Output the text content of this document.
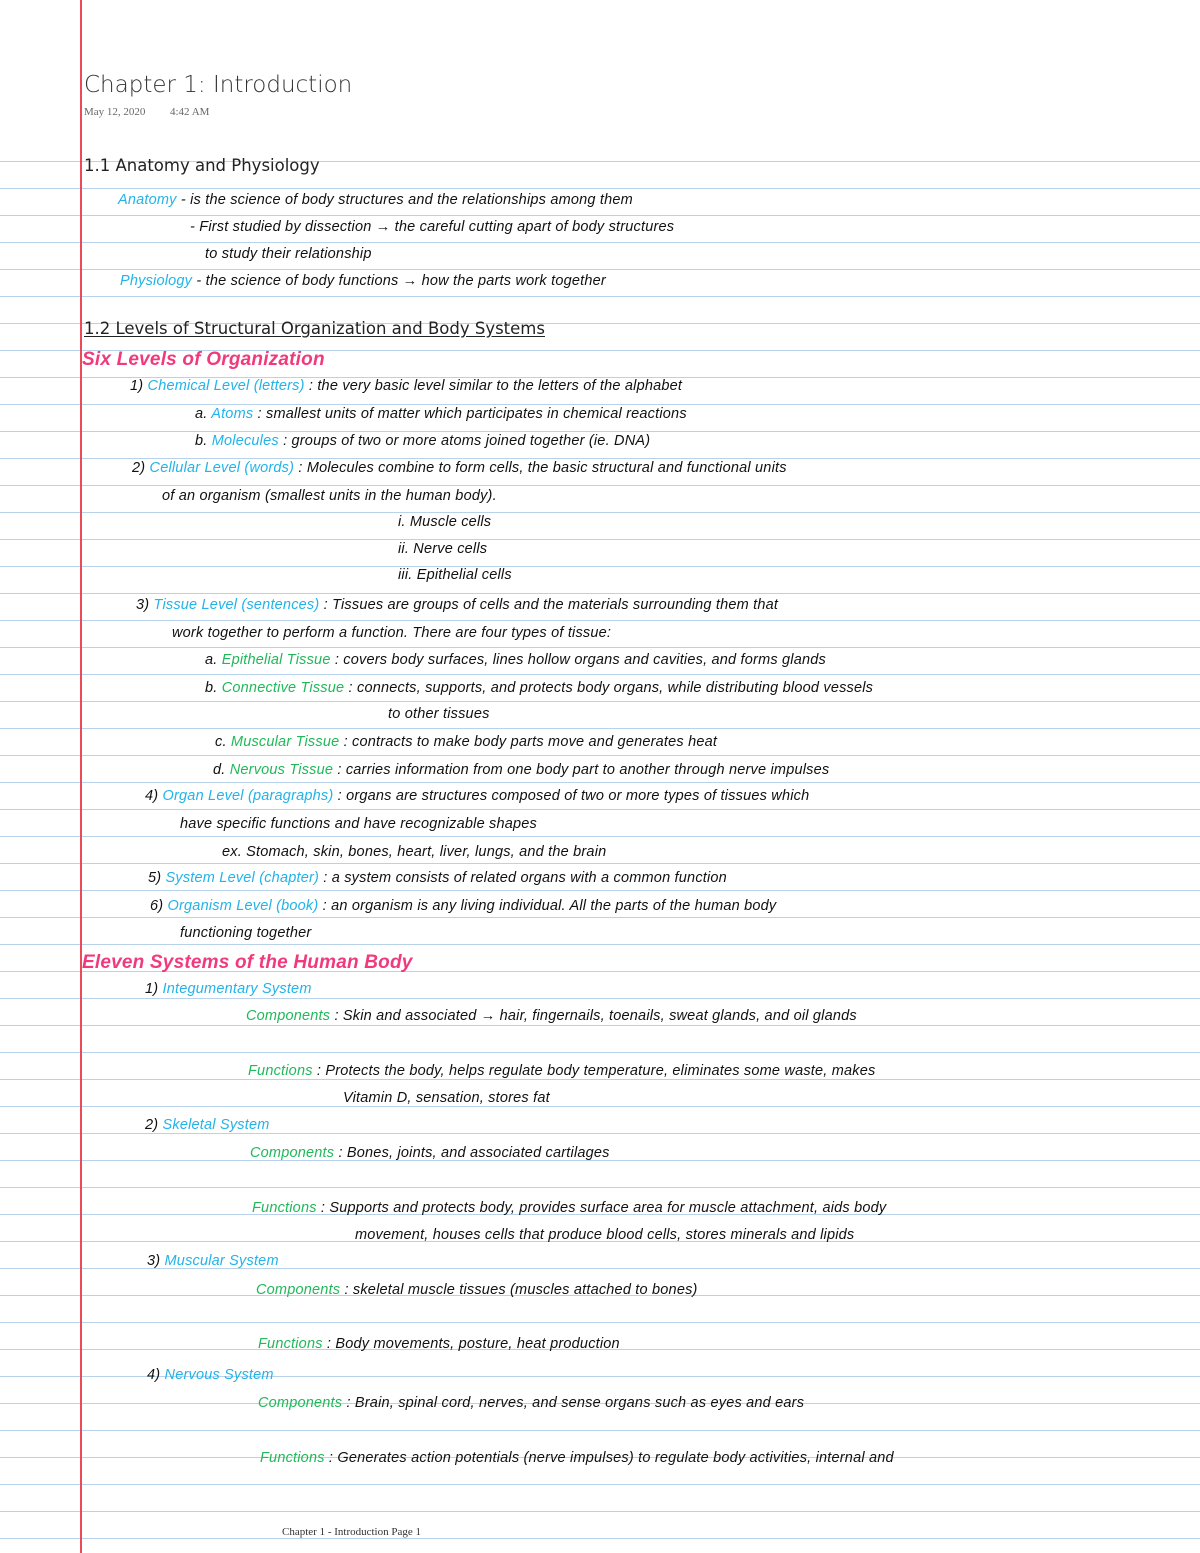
Chapter 1: Introduction
May 12, 2020 4:42 AM
1.1 Anatomy and Physiology
Anatomy - is the science of body structures and the relationships among them
- First studied by dissection → the careful cutting apart of body structures
to study their relationship
Physiology - the science of body functions → how the parts work together
1.2 Levels of Structural Organization and Body Systems
Six Levels of Organization
1) Chemical Level (letters) : the very basic level similar to the letters of the alphabet
a. Atoms : smallest units of matter which participates in chemical reactions
b. Molecules : groups of two or more atoms joined together (ie. DNA)
2) Cellular Level (words) : Molecules combine to form cells, the basic structural and functional units
of an organism (smallest units in the human body).
i. Muscle cells
ii. Nerve cells
iii. Epithelial cells
3) Tissue Level (sentences) : Tissues are groups of cells and the materials surrounding them that
work together to perform a function. There are four types of tissue:
a. Epithelial Tissue : covers body surfaces, lines hollow organs and cavities, and forms glands
b. Connective Tissue : connects, supports, and protects body organs, while distributing blood vessels
to other tissues
c. Muscular Tissue : contracts to make body parts move and generates heat
d. Nervous Tissue : carries information from one body part to another through nerve impulses
4) Organ Level (paragraphs) : organs are structures composed of two or more types of tissues which
have specific functions and have recognizable shapes
ex. Stomach, skin, bones, heart, liver, lungs, and the brain
5) System Level (chapter) : a system consists of related organs with a common function
6) Organism Level (book) : an organism is any living individual. All the parts of the human body
functioning together
Eleven Systems of the Human Body
1) Integumentary System
Components : Skin and associated → hair, fingernails, toenails, sweat glands, and oil glands
Functions : Protects the body, helps regulate body temperature, eliminates some waste, makes
Vitamin D, sensation, stores fat
2) Skeletal System
Components : Bones, joints, and associated cartilages
Functions : Supports and protects body, provides surface area for muscle attachment, aids body
movement, houses cells that produce blood cells, stores minerals and lipids
3) Muscular System
Components : skeletal muscle tissues (muscles attached to bones)
Functions : Body movements, posture, heat production
4) Nervous System
Components : Brain, spinal cord, nerves, and sense organs such as eyes and ears
Functions : Generates action potentials (nerve impulses) to regulate body activities, internal and
Chapter 1 - Introduction Page 1
